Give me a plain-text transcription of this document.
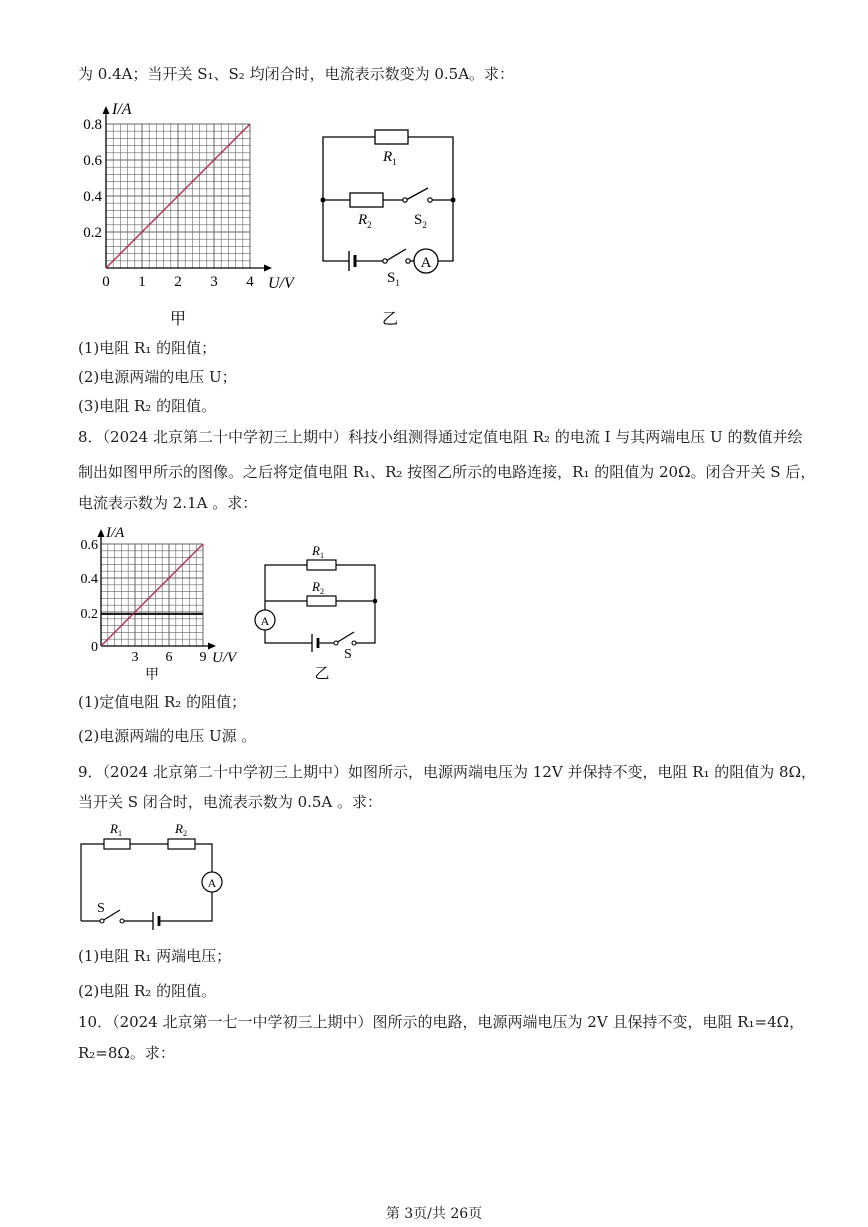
为 0.4A；当开关 S₁、S₂ 均闭合时，电流表示数变为 0.5A。求：
I/A
U/V
0.8
0.6
0.4
0.2
0 1 2 3 4
甲
A
$R_1$
$R_2$	$S_2$
$S_1$
乙
(1)电阻 R₁ 的阻值；
(2)电源两端的电压 U；
(3)电阻 R₂ 的阻值。
8．（2024 北京第二十中学初三上期中）科技小组测得通过定值电阻 R₂ 的电流 I 与其两端电压 U 的数值并绘
制出如图甲所示的图像。之后将定值电阻 R₁、R₂ 按图乙所示的电路连接，R₁ 的阻值为 20Ω。闭合开关 S 后，
电流表示数为 2.1A 。求：
I/A
U/V
0.6
0.4
0.2
0
3 6 9
甲
A
$R_1$
$R_2$
S
乙
(1)定值电阻 R₂ 的阻值；
(2)电源两端的电压 U源 。
9．（2024 北京第二十中学初三上期中）如图所示，电源两端电压为 12V 并保持不变，电阻 R₁ 的阻值为 8Ω，
当开关 S 闭合时，电流表示数为 0.5A 。求：
A
$R_1$	$R_2$
S
(1)电阻 R₁ 两端电压；
(2)电阻 R₂ 的阻值。
10．（2024 北京第一七一中学初三上期中）图所示的电路，电源两端电压为 2V 且保持不变，电阻 R₁=4Ω，
R₂=8Ω。求：
第 3页/共 26页
